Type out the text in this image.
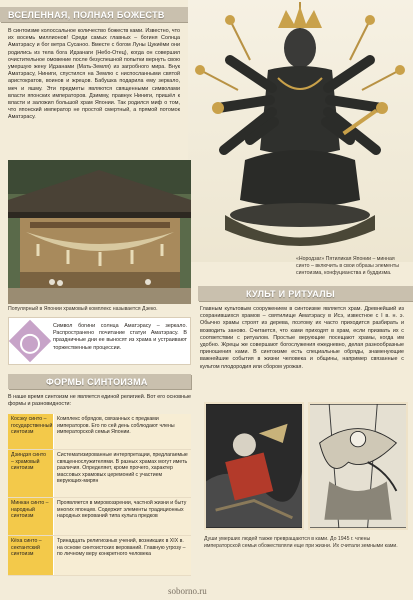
ВСЕЛЕННАЯ, ПОЛНАЯ БОЖЕСТВ
В синтоизме колоссальное количество божеств ками. Известно, что их восемь миллионов! Среди самых главных – богиня Солнца Аматэрасу и бог ветра Сусаноо. Вместе с богом Луны Цукиёми они родились из тела бога Идзанаги (Небо-Отец), когда он совершил очистительное омовение после безуспешной попытки вернуть свою умершую жену Идзанами (Мать-Земля) из загробного мира. Внук Аматэрасу, Ниниги, спустился на Землю с ниспосланными святой аристократов, воинов и жрецов. Бабушка подарила ему зеркало, меч и яшму. Эти предметы являются священными символами власти японских императоров. Дзимму, правнук Ниниги, пришёл к власти и заложил большой храм Японии. Так родился миф о том, что японский император не простой смертный, а прямой потомок Аматэрасу.
«Нородзаг» Пятиликая Японии – минная синто – включить в свои образы элементы синтоизма, конфуцианства и буддизма.
Популярный в Японии храмовый комплекс называется Дзеко.
Символ богини солнца Аматэрасу – зеркало. Распространено почитание статуи Аматэрасу. В праздничные дни ее выносят из храма и устраивают торжественные процессии.
КУЛЬТ И РИТУАЛЫ
Главным культовым сооружением в синтоизме является храм. Древнейший из сохранившихся храмов – святилище Аматэрасу в Исэ, известное с I в. н. э. Обычно храмы строят из дерева, поэтому их часто приходится разбирать и возводить заново. Считается, что ками приходят в храм, если призвать их с соответствии с ритуалом. Простые верующие посещают храмы, когда им удобно. Жрецы же совершают богослужения ежедневно, делая разнообразные приношения ками. В синтоизме есть специальные обряды, знаменующие важнейшие события в жизни человека и общины, например связанные с культом плодородия или сбором урожая.
ФОРМЫ СИНТОИЗМА
В наше время синтоизм не является единой религией. Вот его основные формы и разновидности:
Косэку синто – государственный синтоизм
Комплекс обрядов, связанных с предками императоров. Его по сей день соблюдают члены императорской семьи Японии.
Дзиндзя синто – храмовый синтоизм
Систематизированные интерпретации, предлагаемые священнослужителями. В разных храмах могут иметь различия. Определяет, кроме прочего, характер массовых храмовых церемоний с участием верующих-мирян
Минкан синто – народный синтоизм
Проявляется в мировоззрении, частной жизни и быту многих японцев. Содержит элементы традиционных народных верований типа культа предков
Кёха синто – сектантский синтоизм
Тринадцать религиозных учений, возникших в XIX в. на основе синтоистских верований. Главную угрозу – по личному веру конкретного человека
Души умерших людей также превращаются в ками. До 1945 г. члены императорской семьи обожествляли еще при жизни. Их считали земными ками.
soborno.ru
